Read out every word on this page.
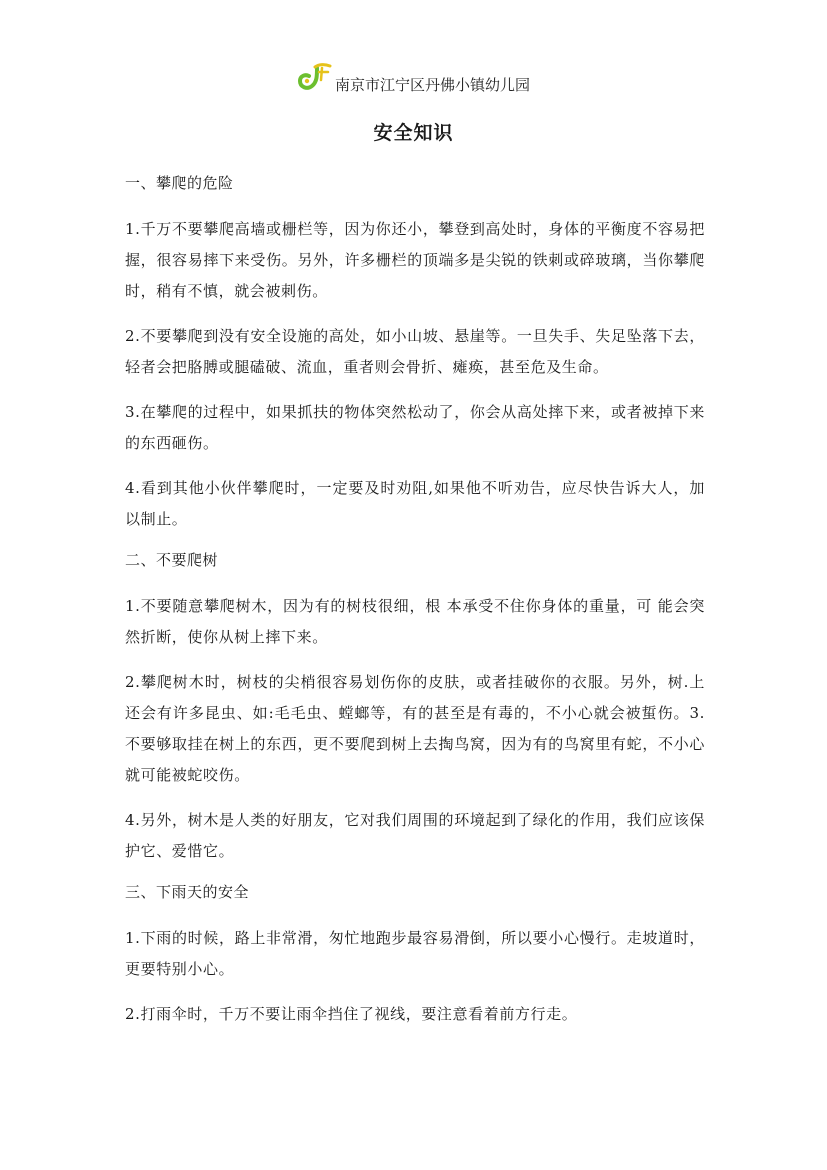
南京市江宁区丹佛小镇幼儿园
安全知识
一、攀爬的危险

1.千万不要攀爬高墙或栅栏等，因为你还小，攀登到高处时，身体的平衡度不容易把握，很容易摔下来受伤。另外，许多栅栏的顶端多是尖锐的铁刺或碎玻璃，当你攀爬时，稍有不慎，就会被刺伤。

2.不要攀爬到没有安全设施的高处，如小山坡、悬崖等。一旦失手、失足坠落下去，轻者会把胳膊或腿磕破、流血，重者则会骨折、瘫痪，甚至危及生命。

3.在攀爬的过程中，如果抓扶的物体突然松动了，你会从高处摔下来，或者被掉下来的东西砸伤。

4.看到其他小伙伴攀爬时，一定要及时劝阻,如果他不听劝告，应尽快告诉大人，加以制止。

二、不要爬树

1.不要随意攀爬树木，因为有的树枝很细，根 本承受不住你身体的重量，可 能会突然折断，使你从树上摔下来。

2.攀爬树木时，树枝的尖梢很容易划伤你的皮肤，或者挂破你的衣服。另外，树.上还会有许多昆虫、如:毛毛虫、螳螂等，有的甚至是有毒的，不小心就会被蜇伤。3.不要够取挂在树上的东西，更不要爬到树上去掏鸟窝，因为有的鸟窝里有蛇，不小心就可能被蛇咬伤。

4.另外，树木是人类的好朋友，它对我们周围的环境起到了绿化的作用，我们应该保护它、爱惜它。

三、下雨天的安全

1.下雨的时候，路上非常滑，匆忙地跑步最容易滑倒，所以要小心慢行。走坡道时，更要特别小心。

2.打雨伞时，千万不要让雨伞挡住了视线，要注意看着前方行走。
